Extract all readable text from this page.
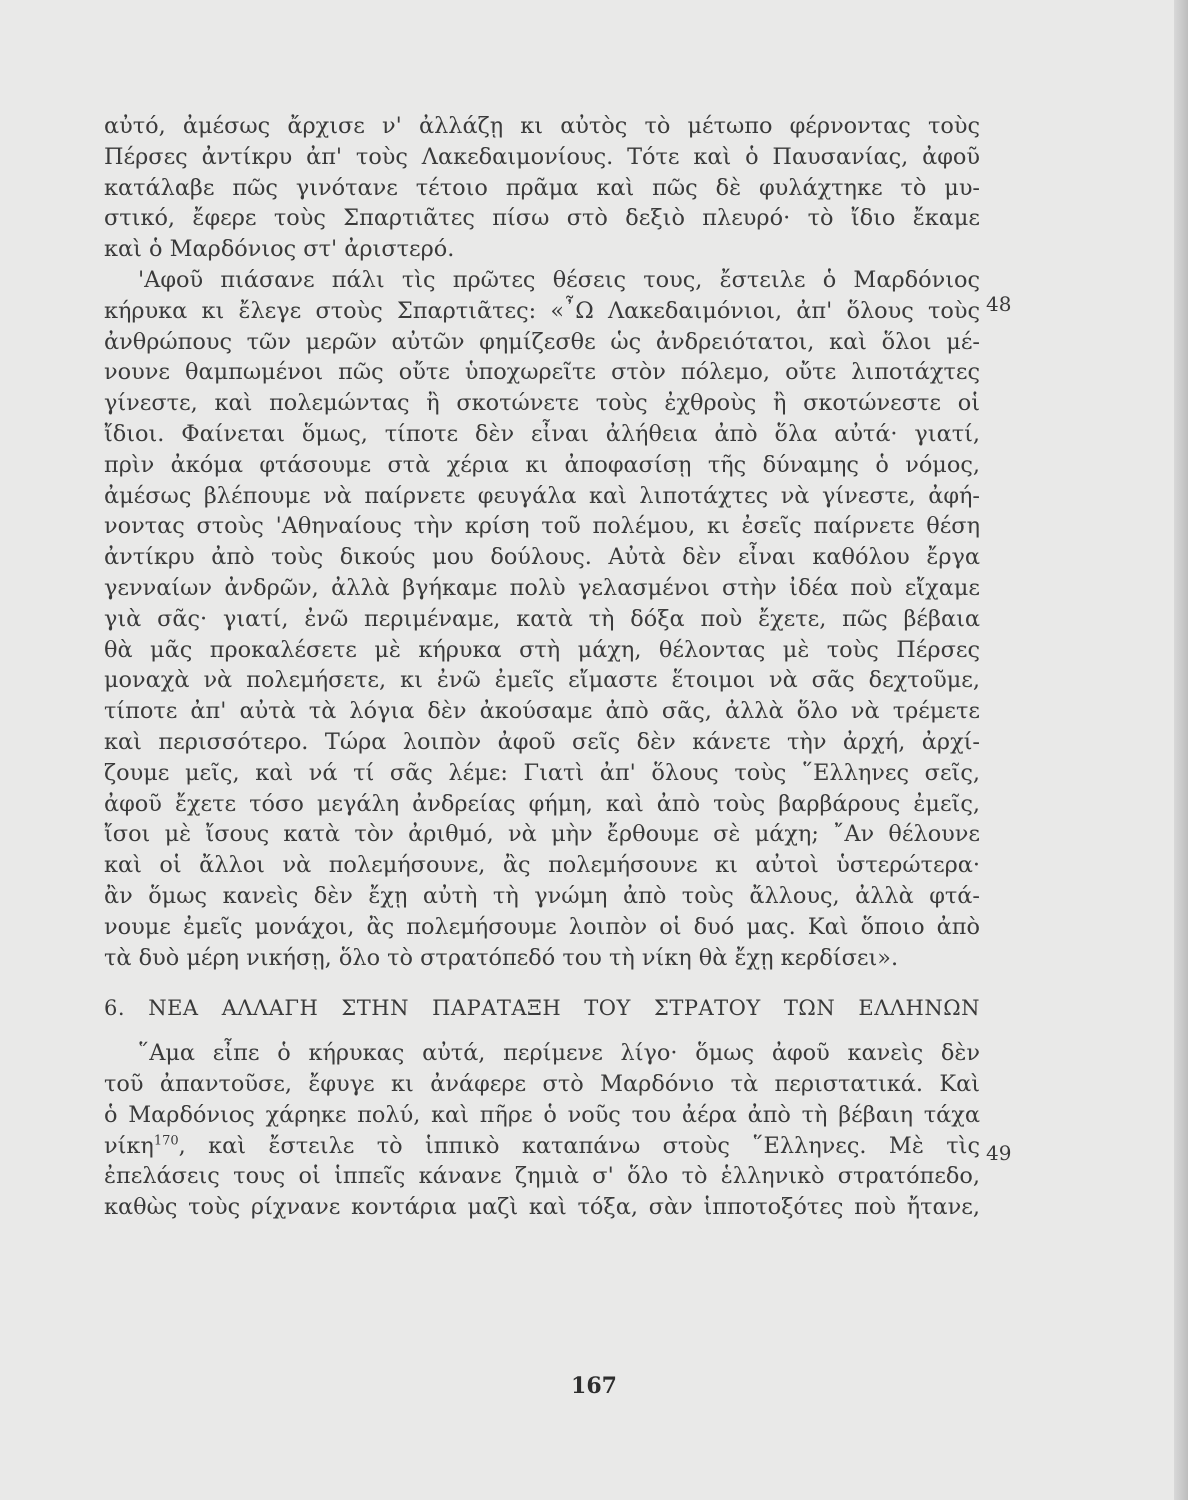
αὐτό, ἀμέσως ἄρχισε ν' ἀλλάζῃ κι αὐτὸς τὸ μέτωπο φέρνοντας τοὺς
Πέρσες ἀντίκρυ ἀπ' τοὺς Λακεδαιμονίους. Τότε καὶ ὁ Παυσανίας, ἀφοῦ
κατάλαβε πῶς γινότανε τέτοιο πρᾶμα καὶ πῶς δὲ φυλάχτηκε τὸ μυ-
στικό, ἔφερε τοὺς Σπαρτιᾶτες πίσω στὸ δεξιὸ πλευρό· τὸ ἴδιο ἔκαμε
καὶ ὁ Μαρδόνιος στ' ἀριστερό.
'Αφοῦ πιάσανε πάλι τὶς πρῶτες θέσεις τους, ἔστειλε ὁ Μαρδόνιος
κήρυκα κι ἔλεγε στοὺς Σπαρτιᾶτες: «῏Ω Λακεδαιμόνιοι, ἀπ' ὅλους τοὺς
ἀνθρώπους τῶν μερῶν αὐτῶν φημίζεσθε ὡς ἀνδρειότατοι, καὶ ὅλοι μέ-
νουνε θαμπωμένοι πῶς οὔτε ὑποχωρεῖτε στὸν πόλεμο, οὔτε λιποτάχτες
γίνεστε, καὶ πολεμώντας ἢ σκοτώνετε τοὺς ἐχθροὺς ἢ σκοτώνεστε οἱ
ἴδιοι. Φαίνεται ὅμως, τίποτε δὲν εἶναι ἀλήθεια ἀπὸ ὅλα αὐτά· γιατί,
πρὶν ἀκόμα φτάσουμε στὰ χέρια κι ἀποφασίσῃ τῆς δύναμης ὁ νόμος,
ἀμέσως βλέπουμε νὰ παίρνετε φευγάλα καὶ λιποτάχτες νὰ γίνεστε, ἀφή-
νοντας στοὺς 'Αθηναίους τὴν κρίση τοῦ πολέμου, κι ἐσεῖς παίρνετε θέση
ἀντίκρυ ἀπὸ τοὺς δικούς μου δούλους. Αὐτὰ δὲν εἶναι καθόλου ἔργα
γενναίων ἀνδρῶν, ἀλλὰ βγήκαμε πολὺ γελασμένοι στὴν ἰδέα ποὺ εἴχαμε
γιὰ σᾶς· γιατί, ἐνῶ περιμέναμε, κατὰ τὴ δόξα ποὺ ἔχετε, πῶς βέβαια
θὰ μᾶς προκαλέσετε μὲ κήρυκα στὴ μάχη, θέλοντας μὲ τοὺς Πέρσες
μοναχὰ νὰ πολεμήσετε, κι ἐνῶ ἐμεῖς εἴμαστε ἕτοιμοι νὰ σᾶς δεχτοῦμε,
τίποτε ἀπ' αὐτὰ τὰ λόγια δὲν ἀκούσαμε ἀπὸ σᾶς, ἀλλὰ ὅλο νὰ τρέμετε
καὶ περισσότερο. Τώρα λοιπὸν ἀφοῦ σεῖς δὲν κάνετε τὴν ἀρχή, ἀρχί-
ζουμε μεῖς, καὶ νά τί σᾶς λέμε: Γιατὶ ἀπ' ὅλους τοὺς ῞Ελληνες σεῖς,
ἀφοῦ ἔχετε τόσο μεγάλη ἀνδρείας φήμη, καὶ ἀπὸ τοὺς βαρβάρους ἐμεῖς,
ἴσοι μὲ ἴσους κατὰ τὸν ἀριθμό, νὰ μὴν ἔρθουμε σὲ μάχη; ῎Αν θέλουνε
καὶ οἱ ἄλλοι νὰ πολεμήσουνε, ἂς πολεμήσουνε κι αὐτοὶ ὑστερώτερα·
ἂν ὅμως κανεὶς δὲν ἔχῃ αὐτὴ τὴ γνώμη ἀπὸ τοὺς ἄλλους, ἀλλὰ φτά-
νουμε ἐμεῖς μονάχοι, ἂς πολεμήσουμε λοιπὸν οἱ δυό μας. Καὶ ὅποιο ἀπὸ
τὰ δυὸ μέρη νικήσῃ, ὅλο τὸ στρατόπεδό του τὴ νίκη θὰ ἔχῃ κερδίσει».
6. ΝΕΑ ΑΛΛΑΓΗ ΣΤΗΝ ΠΑΡΑΤΑΞΗ ΤΟΥ ΣΤΡΑΤΟΥ ΤΩΝ ΕΛΛΗΝΩΝ
῞Αμα εἶπε ὁ κήρυκας αὐτά, περίμενε λίγο· ὅμως ἀφοῦ κανεὶς δὲν
τοῦ ἀπαντοῦσε, ἔφυγε κι ἀνάφερε στὸ Μαρδόνιο τὰ περιστατικά. Καὶ
ὁ Μαρδόνιος χάρηκε πολύ, καὶ πῆρε ὁ νοῦς του ἀέρα ἀπὸ τὴ βέβαιη τάχα
νίκη$^{170}$, καὶ ἔστειλε τὸ ἱππικὸ καταπάνω στοὺς ῞Ελληνες. Μὲ τὶς
ἐπελάσεις τους οἱ ἱππεῖς κάνανε ζημιὰ σ' ὅλο τὸ ἑλληνικὸ στρατόπεδο,
καθὼς τοὺς ρίχνανε κοντάρια μαζὶ καὶ τόξα, σὰν ἱπποτοξότες ποὺ ἤτανε,
48
49
167
